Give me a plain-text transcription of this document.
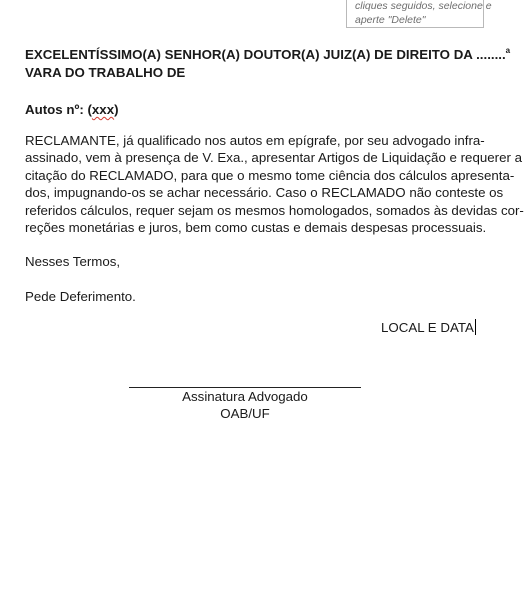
cliques seguidos, selecione e
aperte "Delete"

EXCELENTÍSSIMO(A) SENHOR(A) DOUTOR(A) JUIZ(A) DE DIREITO DA ........$^a$
VARA DO TRABALHO DE

Autos nº: (xxx)
RECLAMANTE, já qualificado nos autos em epígrafe, por seu advogado infra-
assinado, vem à presença de V. Exa., apresentar Artigos de Liquidação e requerer a
citação do RECLAMADO, para que o mesmo tome ciência dos cálculos apresenta-
dos, impugnando-os se achar necessário. Caso o RECLAMADO não conteste os
referidos cálculos, requer sejam os mesmos homologados, somados às devidas cor-
reções monetárias e juros, bem como custas e demais despesas processuais.
Nesses Termos,
Pede Deferimento.
LOCAL E DATA
Assinatura Advogado
OAB/UF
